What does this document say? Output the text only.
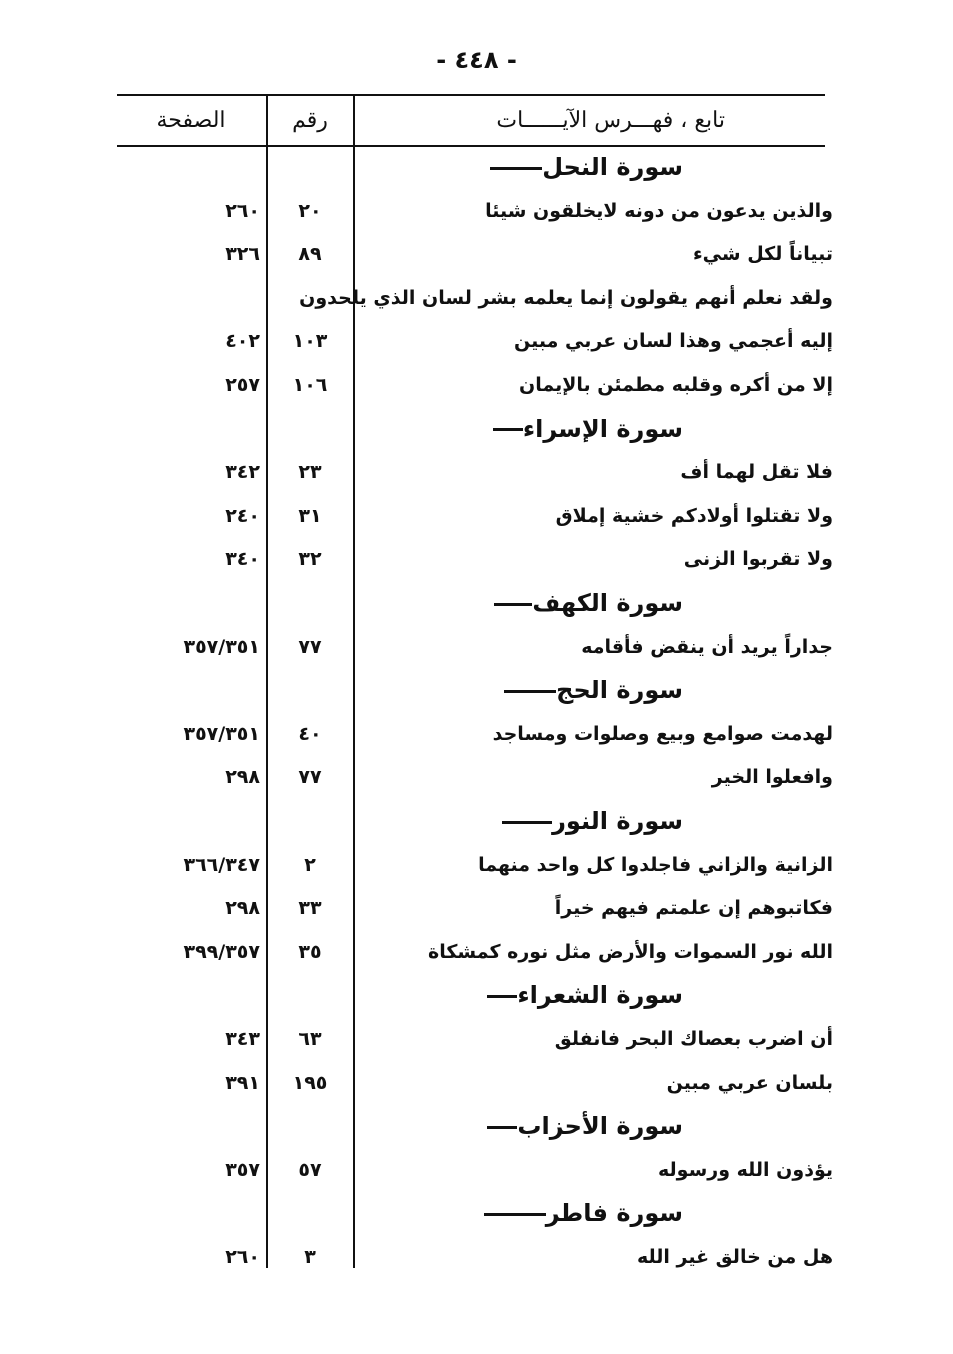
- ٤٤٨ -
تابع ، فهـــرس الآيــــــات
رقم
الصفحة
سورة النحل
والذين يدعون من دونه لايخلقون شيئا
٢٠
٢٦٠
تبياناً لكل شيء
٨٩
٣٢٦
ولقد نعلم أنهم يقولون إنما يعلمه بشر لسان الذي يلحدون
إليه أعجمي وهذا لسان عربي مبين
١٠٣
٤٠٢
إلا من أكره وقلبه مطمئن بالإيمان
١٠٦
٢٥٧
سورة الإسراء
فلا تقل لهما أف
٢٣
٣٤٢
ولا تقتلوا أولادكم خشية إملاق
٣١
٢٤٠
ولا تقربوا الزنى
٣٢
٣٤٠
سورة الكهف
جداراً يريد أن ينقض فأقامه
٧٧
٣٥٧/٣٥١
سورة الحج
لهدمت صوامع وبيع وصلوات ومساجد
٤٠
٣٥٧/٣٥١
وافعلوا الخير
٧٧
٢٩٨
سورة النور
الزانية والزاني فاجلدوا كل واحد منهما
٢
٣٦٦/٣٤٧
فكاتبوهم إن علمتم فيهم خيراً
٣٣
٢٩٨
الله نور السموات والأرض مثل نوره كمشكاة
٣٥
٣٩٩/٣٥٧
سورة الشعراء
أن اضرب بعصاك البحر فانفلق
٦٣
٣٤٣
بلسان عربي مبين
١٩٥
٣٩١
سورة الأحزاب
يؤذون الله ورسوله
٥٧
٣٥٧
سورة فاطر
هل من خالق غير الله
٣
٢٦٠
